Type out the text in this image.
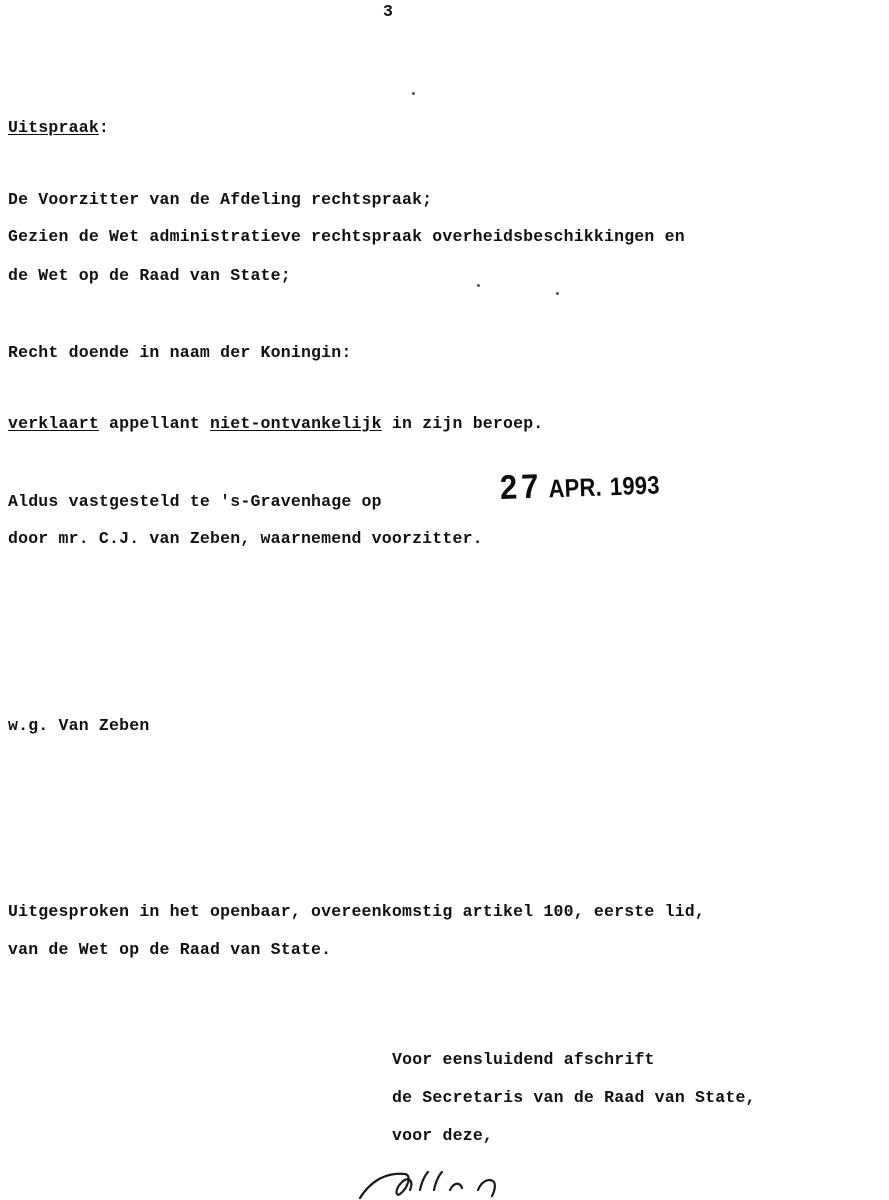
3
Uitspraak:
De Voorzitter van de Afdeling rechtspraak;
Gezien de Wet administratieve rechtspraak overheidsbeschikkingen en
de Wet op de Raad van State;
Recht doende in naam der Koningin:
verklaart appellant niet-ontvankelijk in zijn beroep.
Aldus vastgesteld te 's-Gravenhage op	27 APR. 1993
door mr. C.J. van Zeben, waarnemend voorzitter.
w.g. Van Zeben
Uitgesproken in het openbaar, overeenkomstig artikel 100, eerste lid,
van de Wet op de Raad van State.
Voor eensluidend afschrift
de Secretaris van de Raad van State,
voor deze,
